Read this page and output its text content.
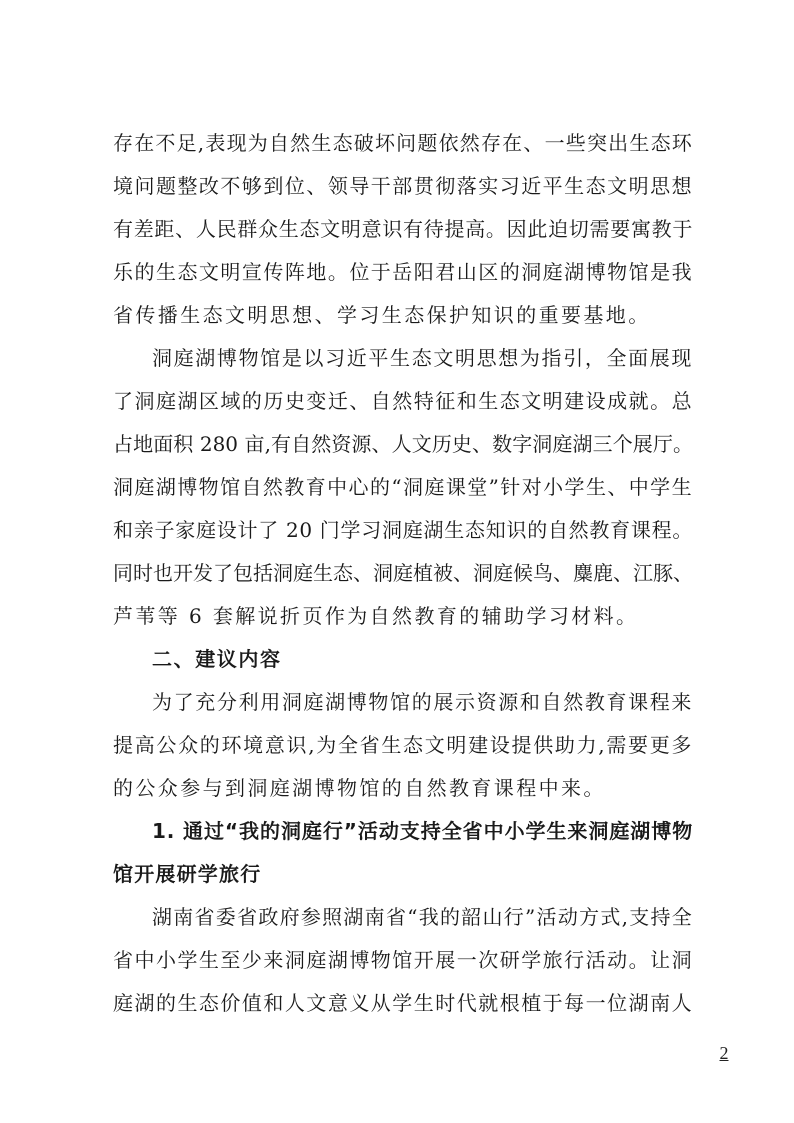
存在不足,表现为自然生态破坏问题依然存在、一些突出生态环
境问题整改不够到位、领导干部贯彻落实习近平生态文明思想
有差距、人民群众生态文明意识有待提高。因此迫切需要寓教于
乐的生态文明宣传阵地。位于岳阳君山区的洞庭湖博物馆是我
省传播生态文明思想、学习生态保护知识的重要基地。
洞庭湖博物馆是以习近平生态文明思想为指引，全面展现
了洞庭湖区域的历史变迁、自然特征和生态文明建设成就。总
占地面积 280 亩,有自然资源、人文历史、数字洞庭湖三个展厅。
洞庭湖博物馆自然教育中心的“洞庭课堂”针对小学生、中学生
和亲子家庭设计了 20 门学习洞庭湖生态知识的自然教育课程。
同时也开发了包括洞庭生态、洞庭植被、洞庭候鸟、麋鹿、江豚、
芦苇等 6 套解说折页作为自然教育的辅助学习材料。
二、建议内容
为了充分利用洞庭湖博物馆的展示资源和自然教育课程来
提高公众的环境意识,为全省生态文明建设提供助力,需要更多
的公众参与到洞庭湖博物馆的自然教育课程中来。
1. 通过“我的洞庭行”活动支持全省中小学生来洞庭湖博物
馆开展研学旅行
湖南省委省政府参照湖南省“我的韶山行”活动方式,支持全
省中小学生至少来洞庭湖博物馆开展一次研学旅行活动。让洞
庭湖的生态价值和人文意义从学生时代就根植于每一位湖南人
2
